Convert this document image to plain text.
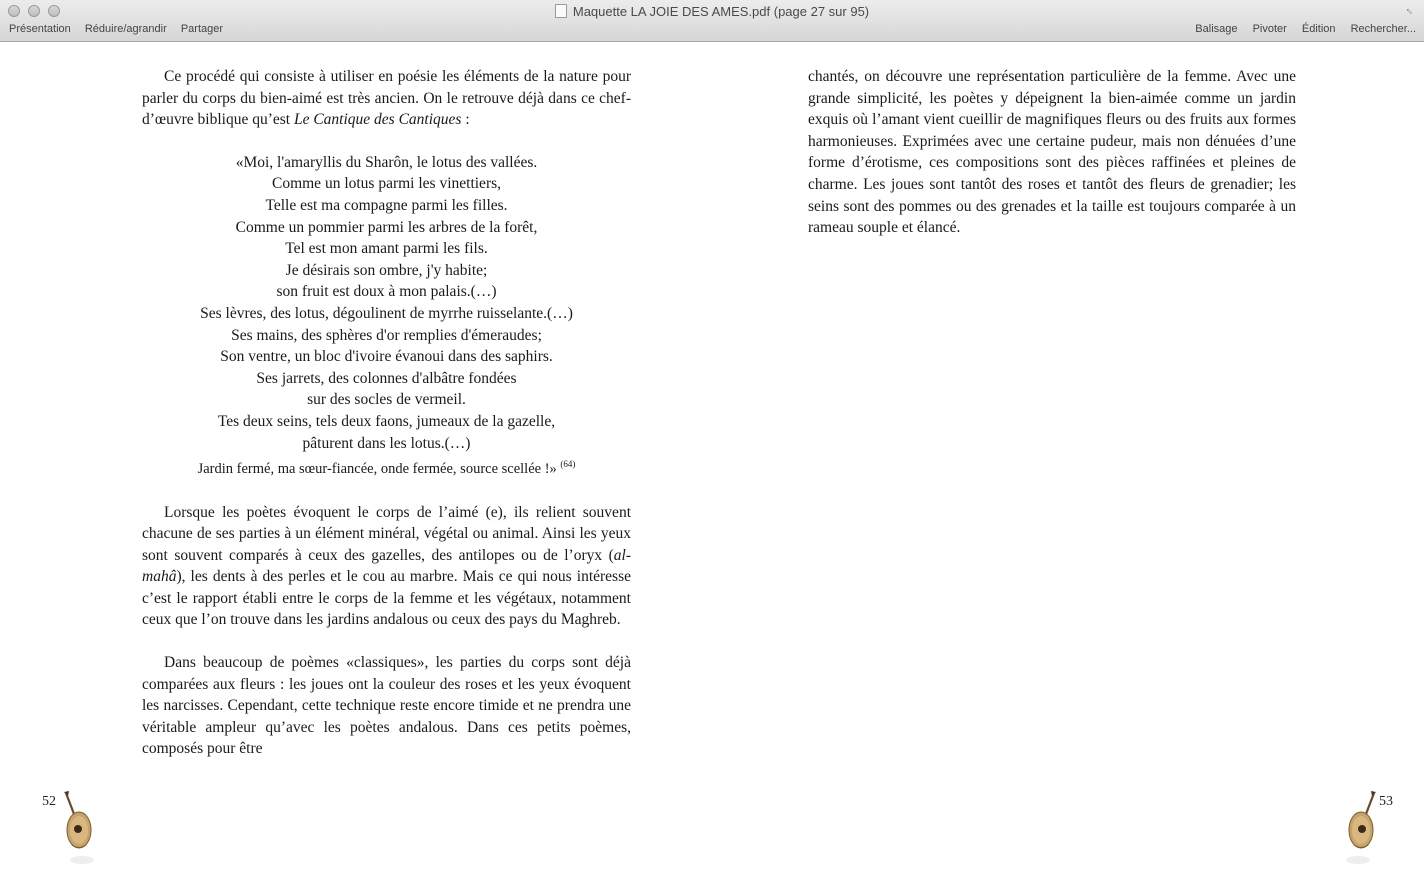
Maquette LA JOIE DES AMES.pdf (page 27 sur 95)	⇔
Présentation Réduire/agrandir Partager	Balisage Pivoter Édition Rechercher...

Ce procédé qui consiste à utiliser en poésie les éléments de la nature pour parler du corps du bien-aimé est très ancien. On le retrouve déjà dans ce chef-d’œuvre biblique qu’est Le Cantique des Cantiques :

«Moi, l'amaryllis du Sharôn, le lotus des vallées.
Comme un lotus parmi les vinettiers,
Telle est ma compagne parmi les filles.
Comme un pommier parmi les arbres de la forêt,
Tel est mon amant parmi les fils.
Je désirais son ombre, j'y habite;
son fruit est doux à mon palais.(…)
Ses lèvres, des lotus, dégoulinent de myrrhe ruisselante.(…)
Ses mains, des sphères d'or remplies d'émeraudes;
Son ventre, un bloc d'ivoire évanoui dans des saphirs.
Ses jarrets, des colonnes d'albâtre fondées
sur des socles de vermeil.
Tes deux seins, tels deux faons, jumeaux de la gazelle,
pâturent dans les lotus.(…)
Jardin fermé, ma sœur-fiancée, onde fermée, source scellée !» $^{(64)}$

Lorsque les poètes évoquent le corps de l’aimé (e), ils relient souvent chacune de ses parties à un élément minéral, végétal ou animal. Ainsi les yeux sont souvent comparés à ceux des gazelles, des antilopes ou de l’oryx (al-mahâ), les dents à des perles et le cou au marbre. Mais ce qui nous intéresse c’est le rapport établi entre le corps de la femme et les végétaux, notamment ceux que l’on trouve dans les jardins andalous ou ceux des pays du Maghreb.

Dans beaucoup de poèmes «classiques», les parties du corps sont déjà comparées aux fleurs : les joues ont la couleur des roses et les yeux évoquent les narcisses. Cependant, cette technique reste encore timide et ne prendra une véritable ampleur qu’avec les poètes andalous. Dans ces petits poèmes, composés pour être

chantés, on découvre une représentation particulière de la femme. Avec une grande simplicité, les poètes y dépeignent la bien-aimée comme un jardin exquis où l’amant vient cueillir de magnifiques fleurs ou des fruits aux formes harmonieuses. Exprimées avec une certaine pudeur, mais non dénuées d’une forme d’érotisme, ces compositions sont des pièces raffinées et pleines de charme. Les joues sont tantôt des roses et tantôt des fleurs de grenadier; les seins sont des pommes ou des grenades et la taille est toujours comparée à un rameau souple et élancé.

52	53
